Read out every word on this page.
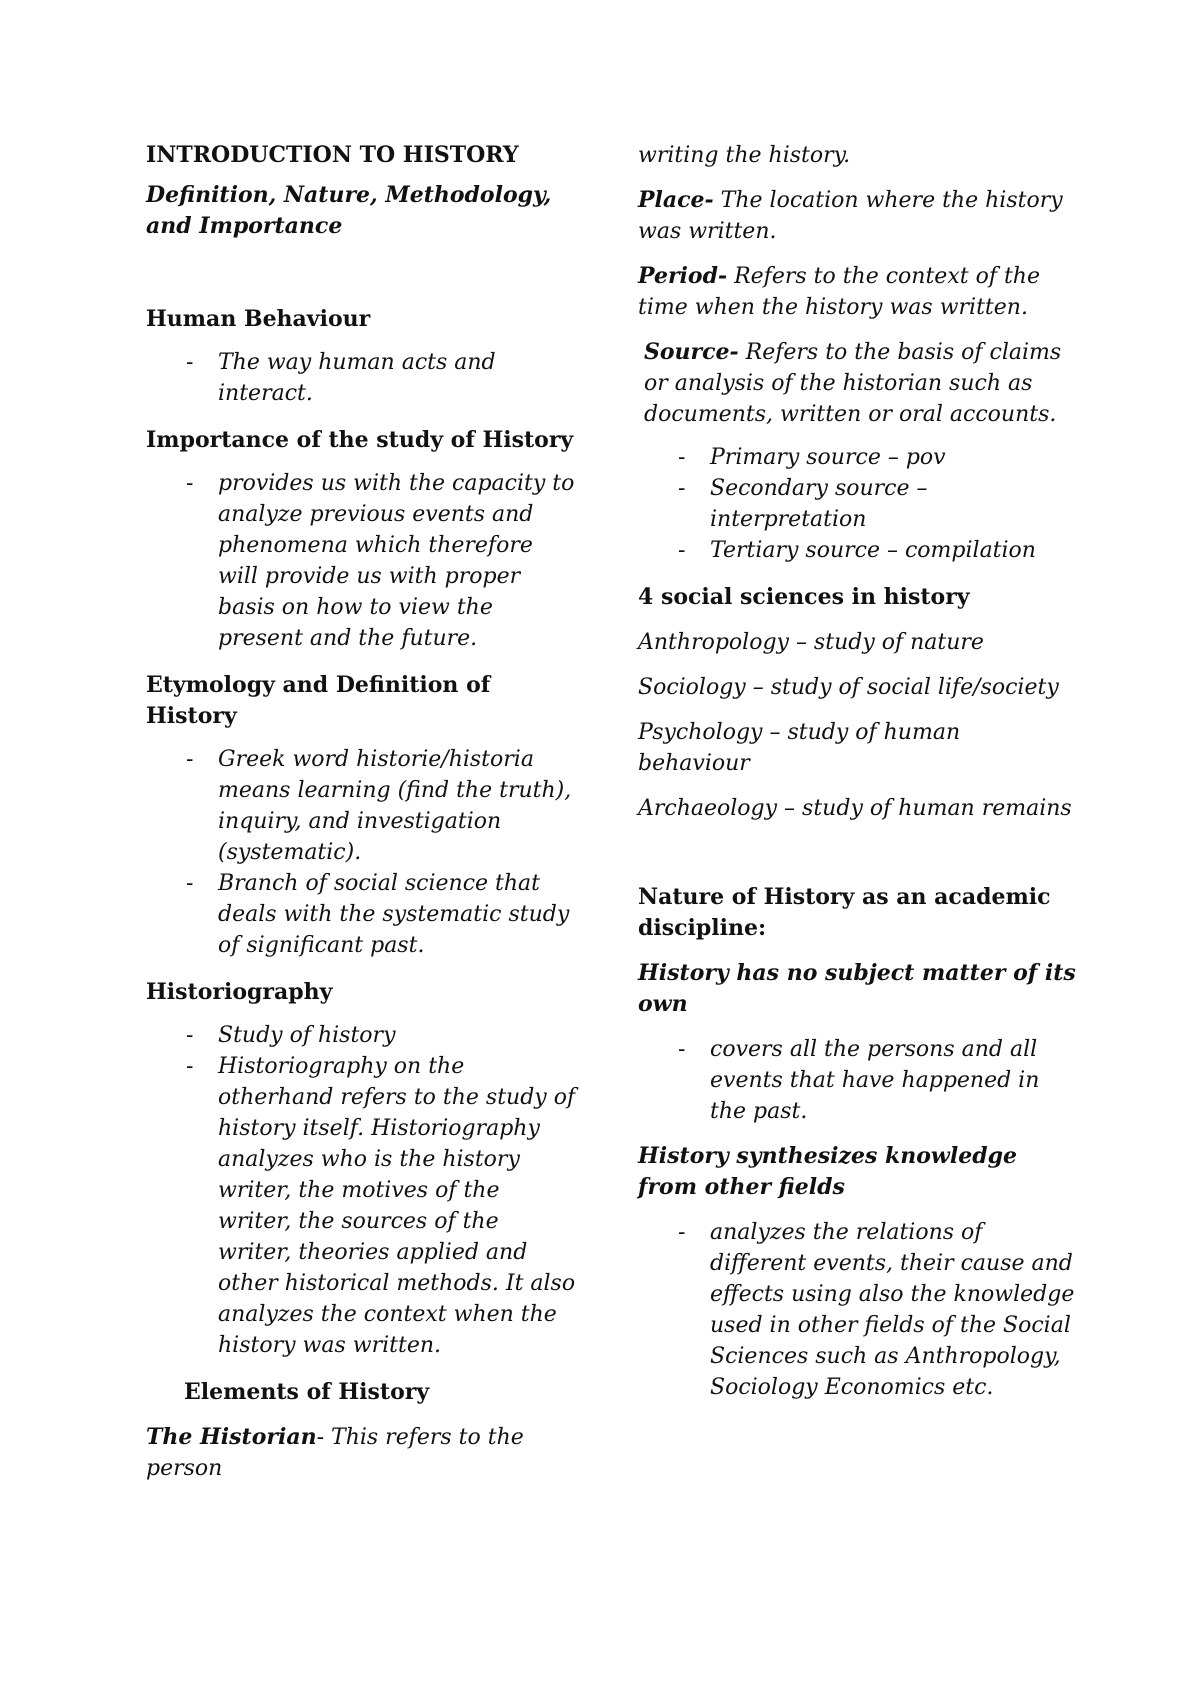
INTRODUCTION TO HISTORY

Definition, Nature, Methodology, and Importance

Human Behaviour

- The way human acts and interact.

Importance of the study of History

- provides us with the capacity to analyze previous events and phenomena which therefore will provide us with proper basis on how to view the present and the future.

Etymology and Definition of History

- Greek word historie/historia means learning (find the truth), inquiry, and investigation (systematic).
- Branch of social science that deals with the systematic study of significant past.

Historiography

- Study of history
- Historiography on the otherhand refers to the study of history itself. Historiography analyzes who is the history writer, the motives of the writer, the sources of the writer, theories applied and other historical methods. It also analyzes the context when the history was written.

Elements of History

The Historian- This refers to the person

writing the history.

Place- The location where the history was written.

Period- Refers to the context of the time when the history was written.

Source- Refers to the basis of claims or analysis of the historian such as documents, written or oral accounts.

- Primary source – pov
- Secondary source – interpretation
- Tertiary source – compilation

4 social sciences in history

Anthropology – study of nature

Sociology – study of social life/society

Psychology – study of human behaviour

Archaeology – study of human remains

Nature of History as an academic discipline:

History has no subject matter of its own

- covers all the persons and all events that have happened in the past.

History synthesizes knowledge from other fields

- analyzes the relations of different events, their cause and effects using also the knowledge used in other fields of the Social Sciences such as Anthropology, Sociology Economics etc.
